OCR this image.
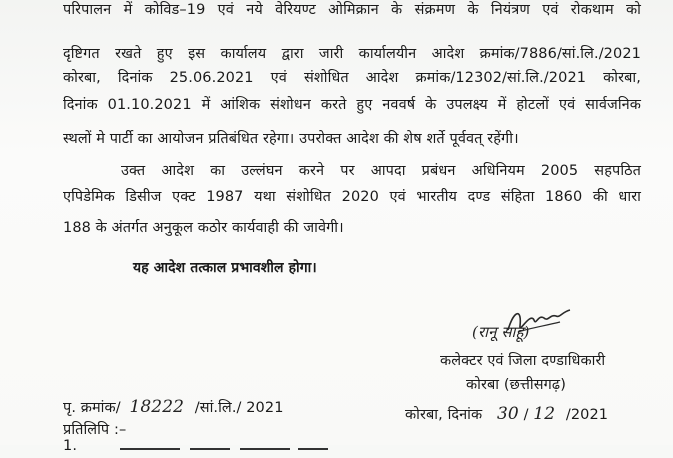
परिपालन में कोविड–19 एवं नये वेरियण्ट ओमिक्रान के संक्रमण के नियंत्रण एवं रोकथाम को
दृष्टिगत रखते हुए इस कार्यालय द्वारा जारी कार्यालयीन आदेश क्रमांक/7886/सां.लि./2021
कोरबा, दिनांक 25.06.2021 एवं संशोधित आदेश क्रमांक/12302/सां.लि./2021 कोरबा,
दिनांक 01.10.2021 में आंशिक संशोधन करते हुए नववर्ष के उपलक्ष्य में होटलों एवं सार्वजनिक
स्थलों मे पार्टी का आयोजन प्रतिबंधित रहेगा। उपरोक्त आदेश की शेष शर्ते पूर्ववत् रहेंगी।
उक्त आदेश का उल्लंघन करने पर आपदा प्रबंधन अधिनियम 2005 सहपठित
एपिडेमिक डिसीज एक्ट 1987 यथा संशोधित 2020 एवं भारतीय दण्ड संहिता 1860 की धारा
188 के अंतर्गत अनुकूल कठोर कार्यवाही की जावेगी।
यह आदेश तत्काल प्रभावशील होगा।
(रानू साहू)
कलेक्टर एवं जिला दण्डाधिकारी
कोरबा (छत्तीसगढ़)
पृ. क्रमांक/ 18222 /सां.लि./ 2021	कोरबा, दिनांक 30 / 12 /2021
प्रतिलिपि :–
1.
